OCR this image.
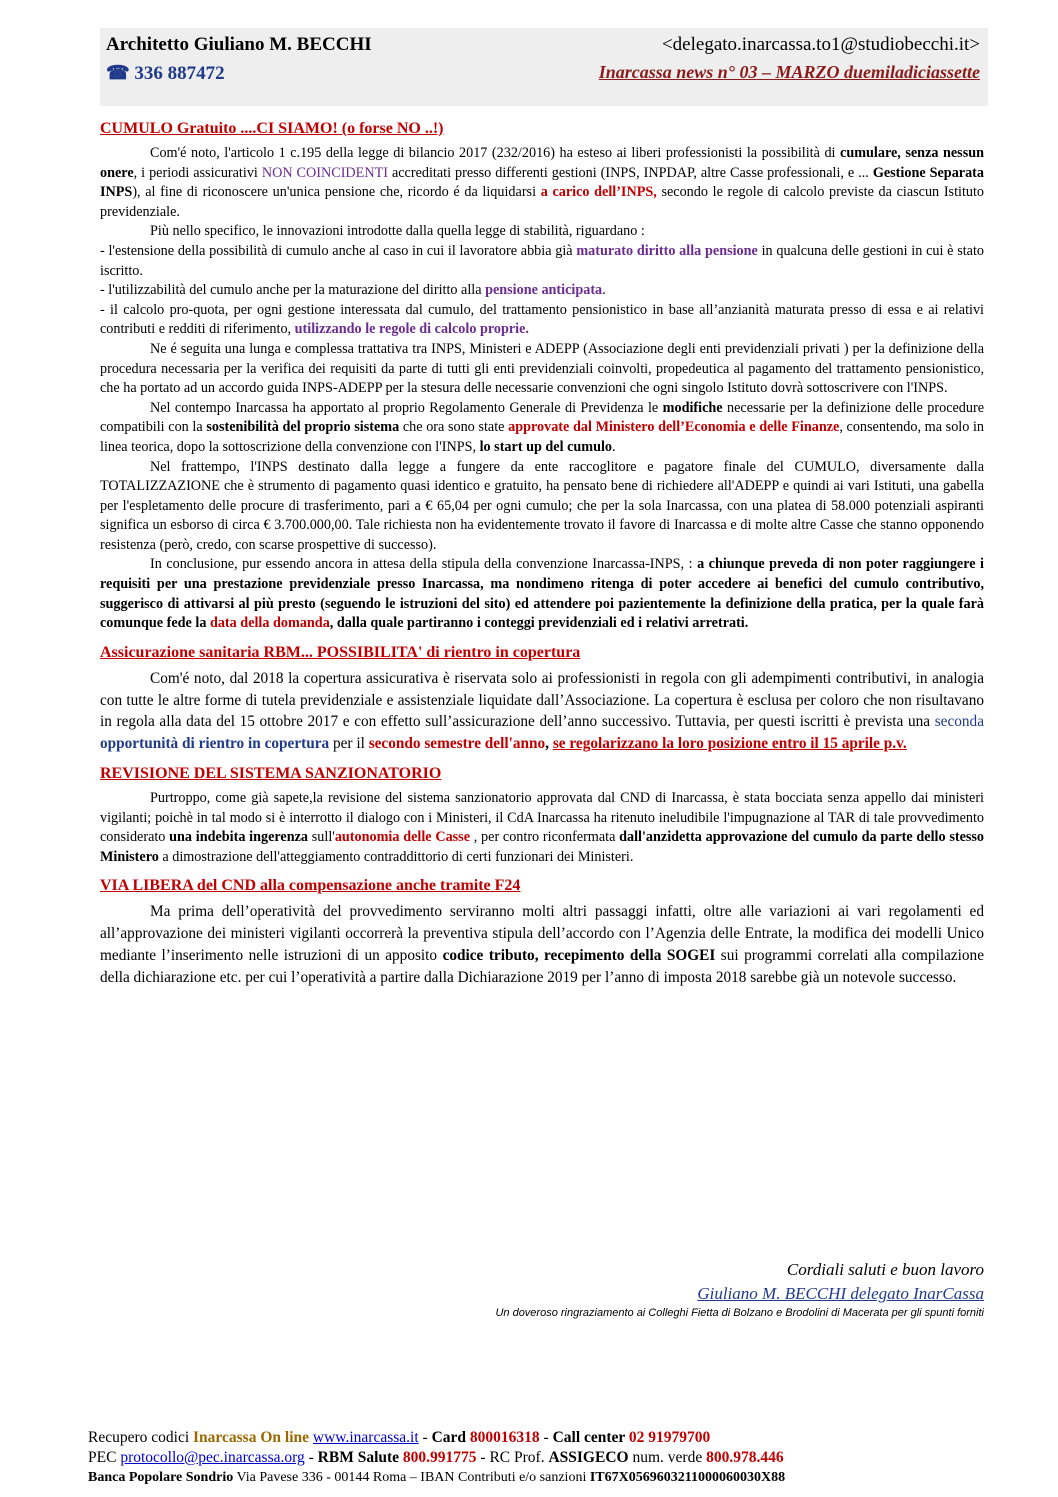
Architetto Giuliano M. BECCHI
☎ 336 887472
<delegato.inarcassa.to1@studiobecchi.it>
Inarcassa news n° 03 – MARZO duemiladiciassette
CUMULO Gratuito ....CI SIAMO! (o forse NO ..!)

Com'é noto, l'articolo 1 c.195 della legge di bilancio 2017 (232/2016) ha esteso ai liberi professionisti la possibilità di cumulare, senza nessun onere, i periodi assicurativi NON COINCIDENTI accreditati presso differenti gestioni (INPS, INPDAP, altre Casse professionali, e ... Gestione Separata INPS), al fine di riconoscere un'unica pensione che, ricordo é da liquidarsi a carico dell’INPS, secondo le regole di calcolo previste da ciascun Istituto previdenziale.

Più nello specifico, le innovazioni introdotte dalla quella legge di stabilità, riguardano :

- l'estensione della possibilità di cumulo anche al caso in cui il lavoratore abbia già maturato diritto alla pensione in qualcuna delle gestioni in cui è stato iscritto.

- l'utilizzabilità del cumulo anche per la maturazione del diritto alla pensione anticipata.

- il calcolo pro-quota, per ogni gestione interessata dal cumulo, del trattamento pensionistico in base all’anzianità maturata presso di essa e ai relativi contributi e redditi di riferimento, utilizzando le regole di calcolo proprie.

Ne é seguita una lunga e complessa trattativa tra INPS, Ministeri e ADEPP (Associazione degli enti previdenziali privati ) per la definizione della procedura necessaria per la verifica dei requisiti da parte di tutti gli enti previdenziali coinvolti, propedeutica al pagamento del trattamento pensionistico, che ha portato ad un accordo guida INPS-ADEPP per la stesura delle necessarie convenzioni che ogni singolo Istituto dovrà sottoscrivere con l'INPS.

Nel contempo Inarcassa ha apportato al proprio Regolamento Generale di Previdenza le modifiche necessarie per la definizione delle procedure compatibili con la sostenibilità del proprio sistema che ora sono state approvate dal Ministero dell’Economia e delle Finanze, consentendo, ma solo in linea teorica, dopo la sottoscrizione della convenzione con l'INPS, lo start up del cumulo.

Nel frattempo, l'INPS destinato dalla legge a fungere da ente raccoglitore e pagatore finale del CUMULO, diversamente dalla TOTALIZZAZIONE che è strumento di pagamento quasi identico e gratuito, ha pensato bene di richiedere all'ADEPP e quindi ai vari Istituti, una gabella per l'espletamento delle procure di trasferimento, pari a € 65,04 per ogni cumulo; che per la sola Inarcassa, con una platea di 58.000 potenziali aspiranti significa un esborso di circa € 3.700.000,00. Tale richiesta non ha evidentemente trovato il favore di Inarcassa e di molte altre Casse che stanno opponendo resistenza (però, credo, con scarse prospettive di successo).

In conclusione, pur essendo ancora in attesa della stipula della convenzione Inarcassa-INPS, : a chiunque preveda di non poter raggiungere i requisiti per una prestazione previdenziale presso Inarcassa, ma nondimeno ritenga di poter accedere ai benefici del cumulo contributivo, suggerisco di attivarsi al più presto (seguendo le istruzioni del sito) ed attendere poi pazientemente la definizione della pratica, per la quale farà comunque fede la data della domanda, dalla quale partiranno i conteggi previdenziali ed i relativi arretrati.

Assicurazione sanitaria RBM... POSSIBILITA' di rientro in copertura

Com'é noto, dal 2018 la copertura assicurativa è riservata solo ai professionisti in regola con gli adempimenti contributivi, in analogia con tutte le altre forme di tutela previdenziale e assistenziale liquidate dall’Associazione. La copertura è esclusa per coloro che non risultavano in regola alla data del 15 ottobre 2017 e con effetto sull’assicurazione dell’anno successivo. Tuttavia, per questi iscritti è prevista una seconda opportunità di rientro in copertura per il secondo semestre dell'anno, se regolarizzano la loro posizione entro il 15 aprile p.v.

REVISIONE DEL SISTEMA SANZIONATORIO

Purtroppo, come già sapete,la revisione del sistema sanzionatorio approvata dal CND di Inarcassa, è stata bocciata senza appello dai ministeri vigilanti; poichè in tal modo si è interrotto il dialogo con i Ministeri, il CdA Inarcassa ha ritenuto ineludibile l'impugnazione al TAR di tale provvedimento considerato una indebita ingerenza sull'autonomia delle Casse , per contro riconfermata dall'anzidetta approvazione del cumulo da parte dello stesso Ministero a dimostrazione dell'atteggiamento contraddittorio di certi funzionari dei Ministeri.

VIA LIBERA del CND alla compensazione anche tramite F24

Ma prima dell’operatività del provvedimento serviranno molti altri passaggi infatti, oltre alle variazioni ai vari regolamenti ed all’approvazione dei ministeri vigilanti occorrerà la preventiva stipula dell’accordo con l’Agenzia delle Entrate, la modifica dei modelli Unico mediante l’inserimento nelle istruzioni di un apposito codice tributo, recepimento della SOGEI sui programmi correlati alla compilazione della dichiarazione etc. per cui l’operatività a partire dalla Dichiarazione 2019 per l’anno di imposta 2018 sarebbe già un notevole successo.

Cordiali saluti e buon lavoro
Giuliano M. BECCHI delegato InarCassa
Un doveroso ringraziamento ai Colleghi Fietta di Bolzano e Brodolini di Macerata per gli spunti forniti
Recupero codici Inarcassa On line www.inarcassa.it - Card 800016318 - Call center 02 91979700
PEC protocollo@pec.inarcassa.org - RBM Salute 800.991775 - RC Prof. ASSIGECO num. verde 800.978.446
Banca Popolare Sondrio Via Pavese 336 - 00144 Roma – IBAN Contributi e/o sanzioni IT67X0569603211000060030X88
